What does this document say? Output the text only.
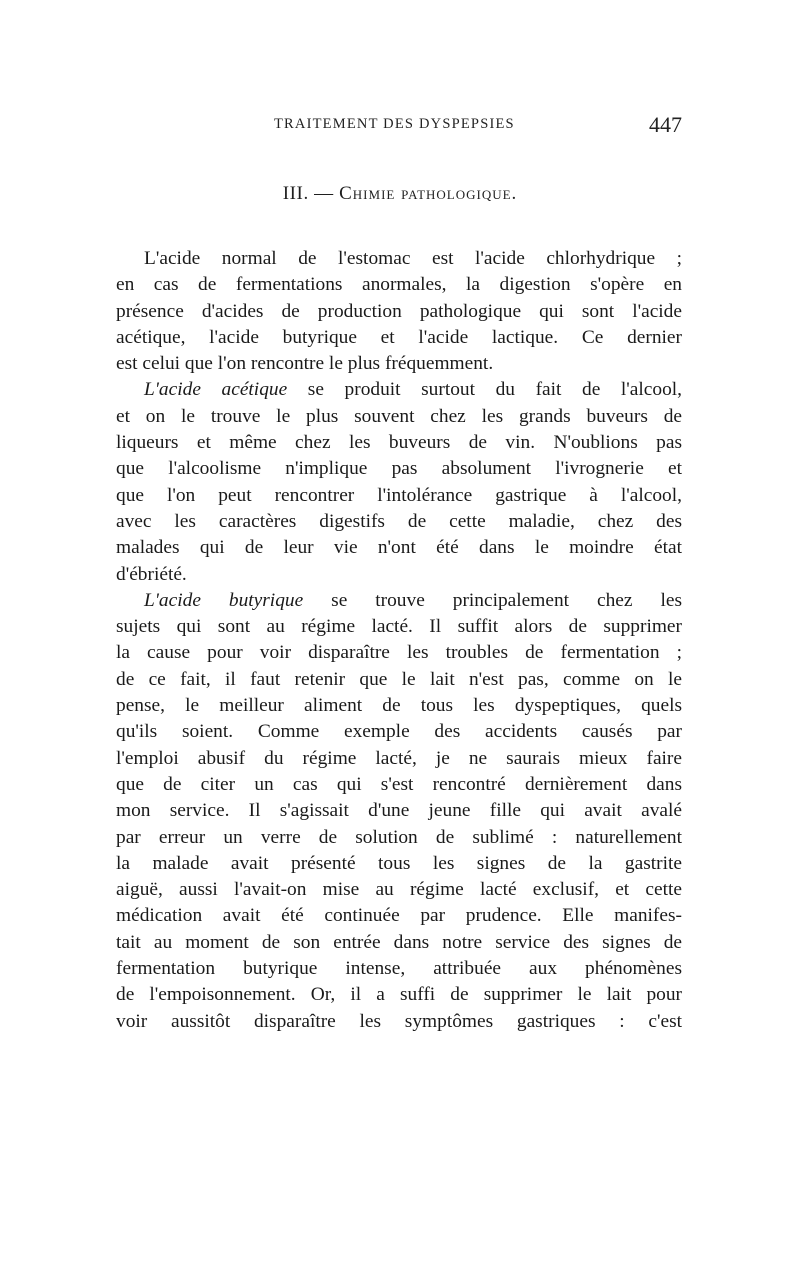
TRAITEMENT DES DYSPEPSIES	447
III. — Chimie pathologique.
L'acide normal de l'estomac est l'acide chlorhydrique ;
en cas de fermentations anormales, la digestion s'opère en
présence d'acides de production pathologique qui sont l'acide
acétique, l'acide butyrique et l'acide lactique. Ce dernier
est celui que l'on rencontre le plus fréquemment.
L'acide acétique se produit surtout du fait de l'alcool,
et on le trouve le plus souvent chez les grands buveurs de
liqueurs et même chez les buveurs de vin. N'oublions pas
que l'alcoolisme n'implique pas absolument l'ivrognerie et
que l'on peut rencontrer l'intolérance gastrique à l'alcool,
avec les caractères digestifs de cette maladie, chez des
malades qui de leur vie n'ont été dans le moindre état
d'ébriété.
L'acide butyrique se trouve principalement chez les
sujets qui sont au régime lacté. Il suffit alors de supprimer
la cause pour voir disparaître les troubles de fermentation ;
de ce fait, il faut retenir que le lait n'est pas, comme on le
pense, le meilleur aliment de tous les dyspeptiques, quels
qu'ils soient. Comme exemple des accidents causés par
l'emploi abusif du régime lacté, je ne saurais mieux faire
que de citer un cas qui s'est rencontré dernièrement dans
mon service. Il s'agissait d'une jeune fille qui avait avalé
par erreur un verre de solution de sublimé : naturellement
la malade avait présenté tous les signes de la gastrite
aiguë, aussi l'avait-on mise au régime lacté exclusif, et cette
médication avait été continuée par prudence. Elle manifes-
tait au moment de son entrée dans notre service des signes de
fermentation butyrique intense, attribuée aux phénomènes
de l'empoisonnement. Or, il a suffi de supprimer le lait pour
voir aussitôt disparaître les symptômes gastriques : c'est
